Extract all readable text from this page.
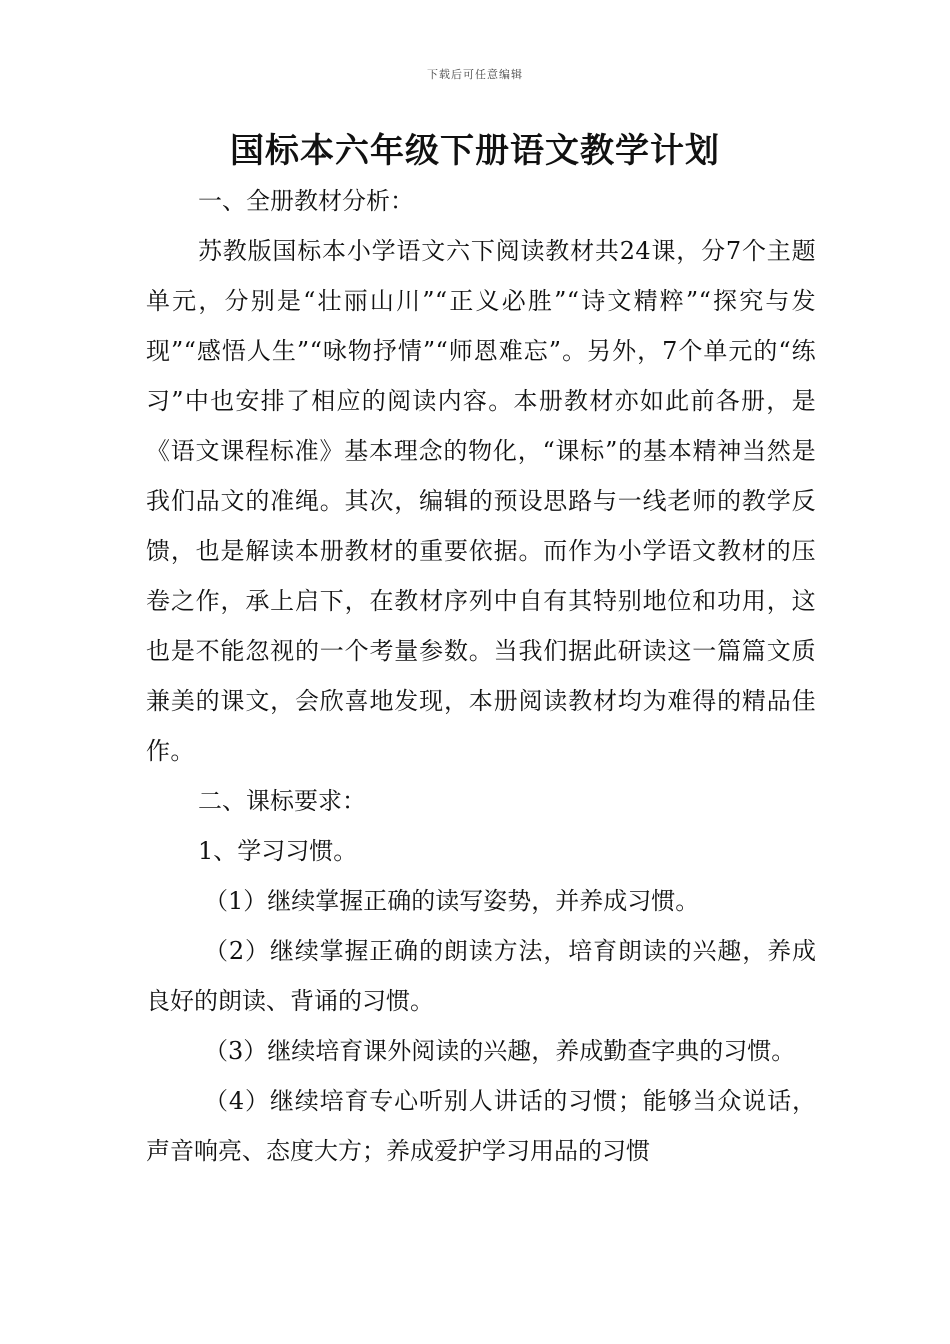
下载后可任意编辑
国标本六年级下册语文教学计划

一、全册教材分析：

苏教版国标本小学语文六下阅读教材共24课，分7个主题单元，分别是“壮丽山川”“正义必胜”“诗文精粹”“探究与发现”“感悟人生”“咏物抒情”“师恩难忘”。另外，7个单元的“练习”中也安排了相应的阅读内容。本册教材亦如此前各册，是《语文课程标准》基本理念的物化，“课标”的基本精神当然是我们品文的准绳。其次，编辑的预设思路与一线老师的教学反馈，也是解读本册教材的重要依据。而作为小学语文教材的压卷之作，承上启下，在教材序列中自有其特别地位和功用，这也是不能忽视的一个考量参数。当我们据此研读这一篇篇文质兼美的课文，会欣喜地发现，本册阅读教材均为难得的精品佳作。

二、课标要求：

1、学习习惯。

（1）继续掌握正确的读写姿势，并养成习惯。

（2）继续掌握正确的朗读方法，培育朗读的兴趣，养成良好的朗读、背诵的习惯。

（3）继续培育课外阅读的兴趣，养成勤查字典的习惯。

（4）继续培育专心听别人讲话的习惯；能够当众说话，声音响亮、态度大方；养成爱护学习用品的习惯
